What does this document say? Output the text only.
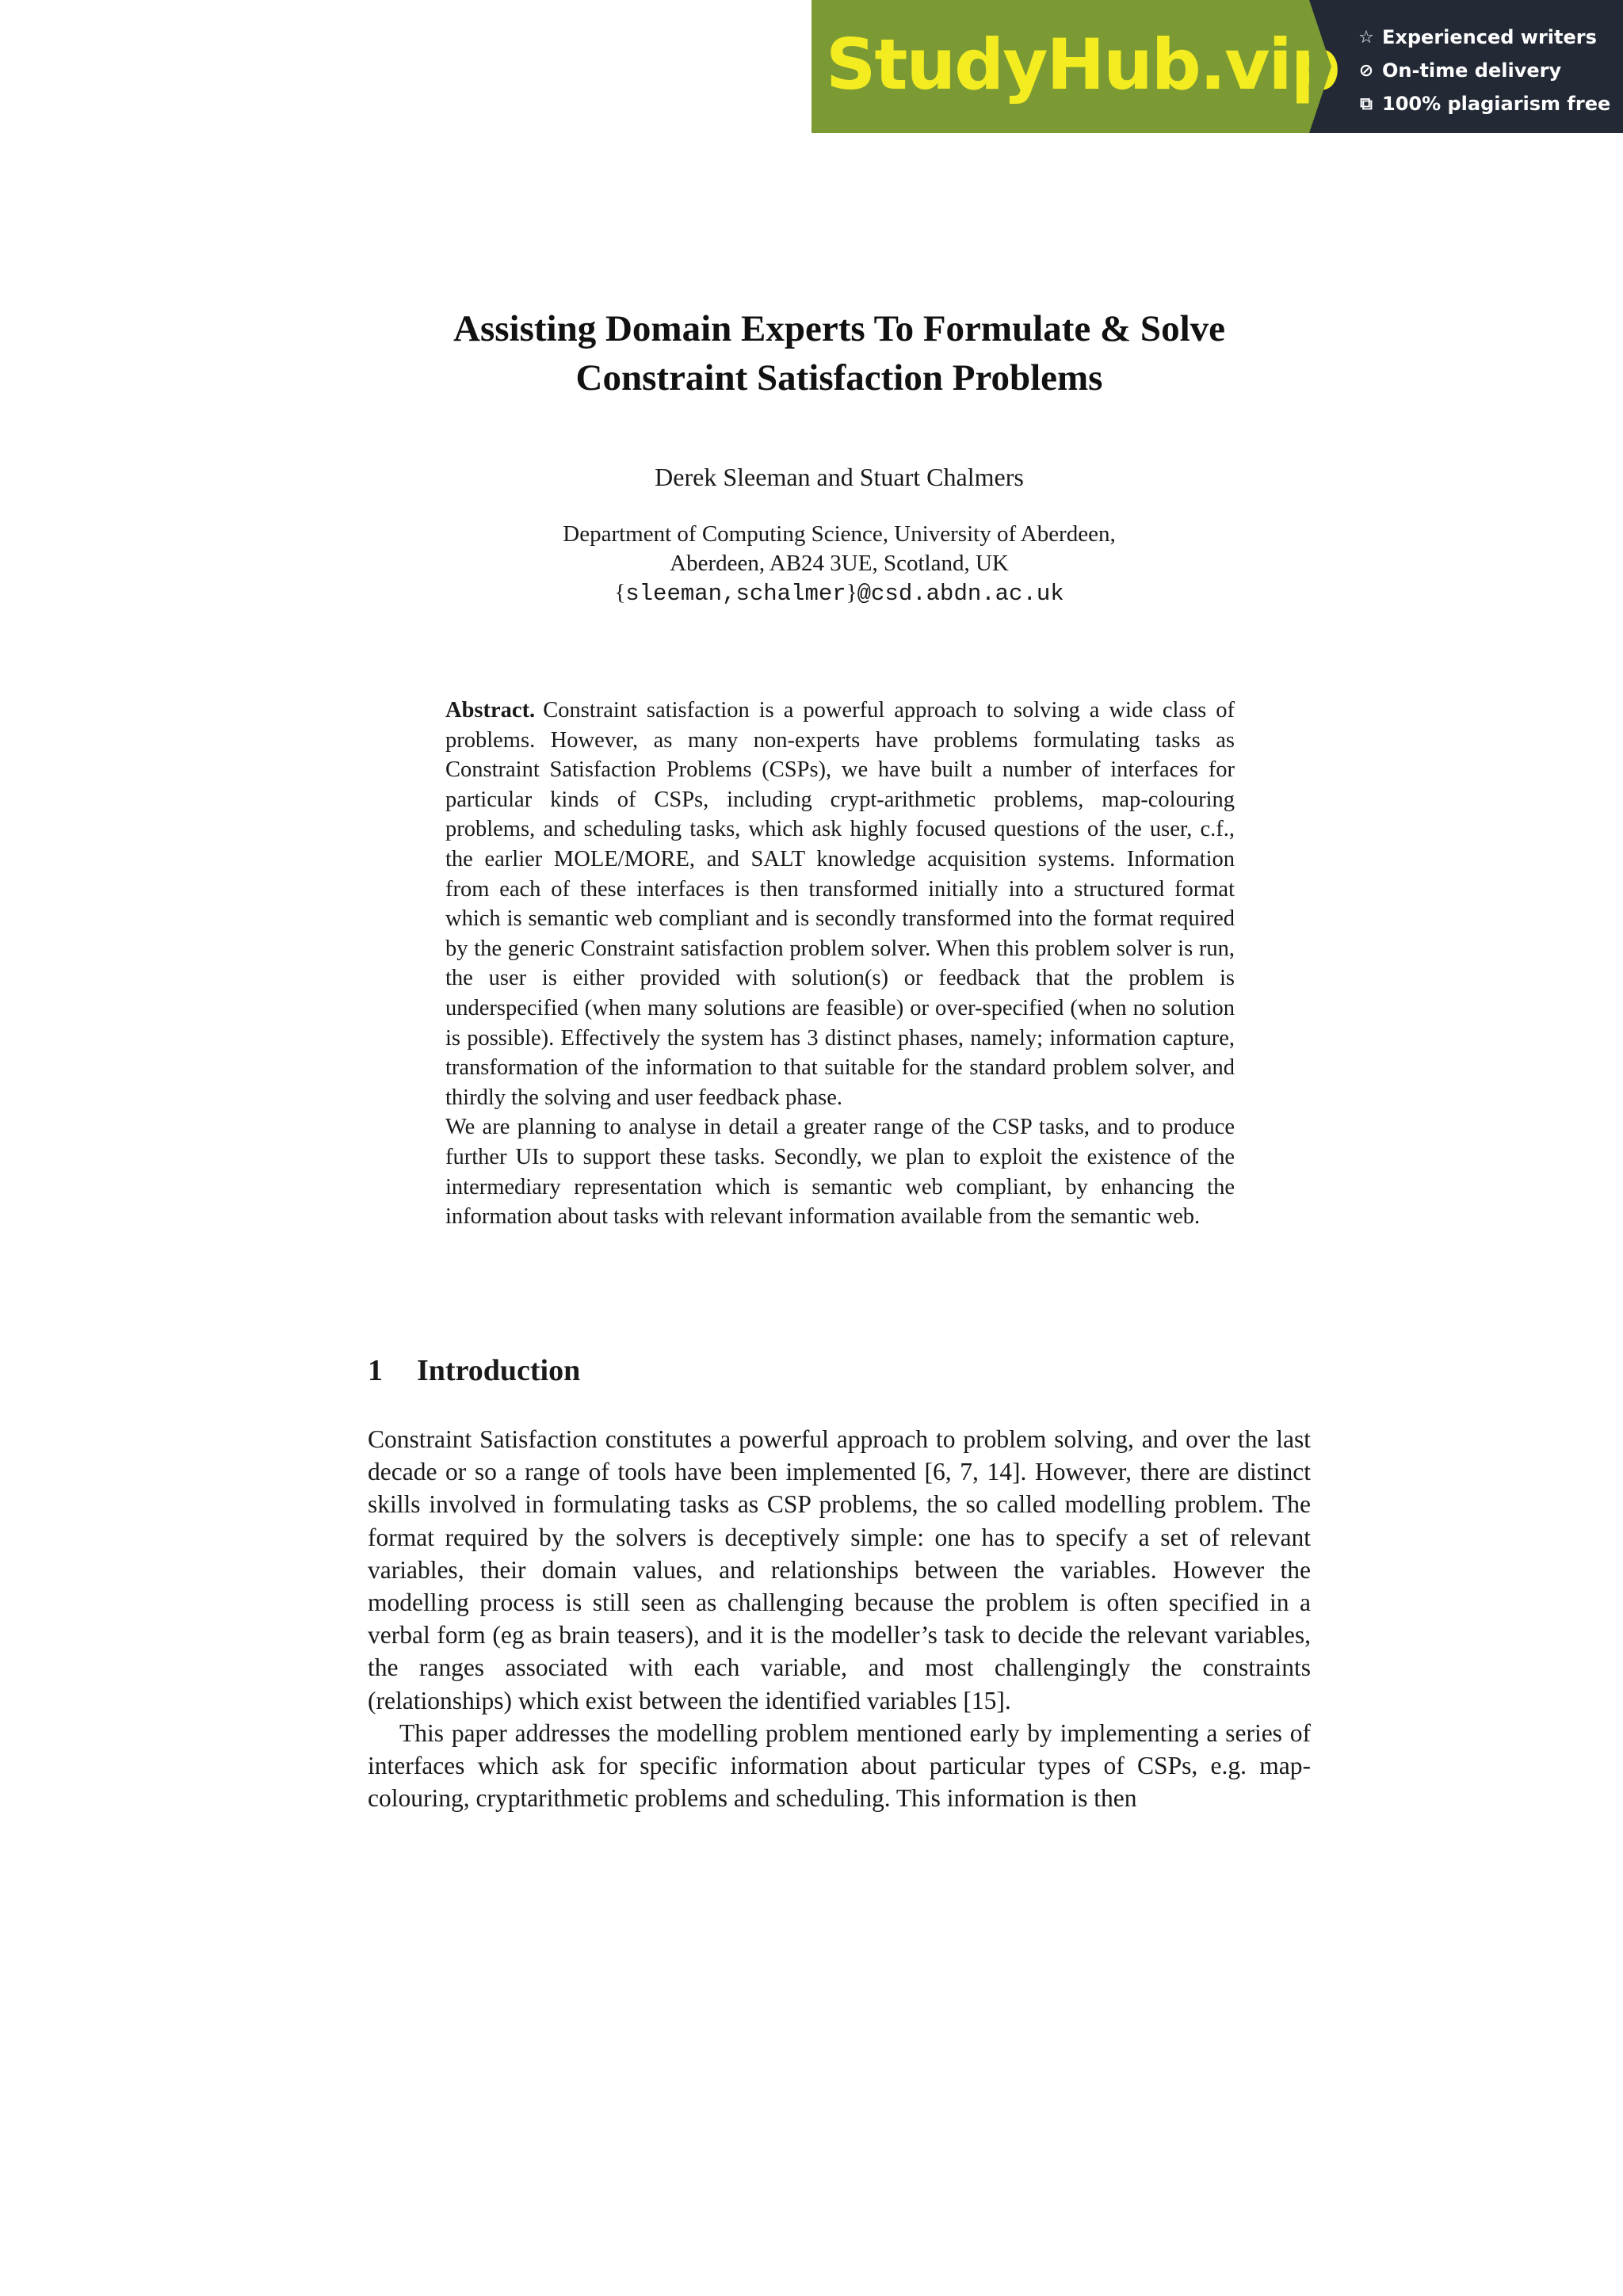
StudyHub.vip ☆ Experienced writers
⊘ On-time delivery
⧉ 100% plagiarism free
Assisting Domain Experts To Formulate & Solve
Constraint Satisfaction Problems
Derek Sleeman and Stuart Chalmers
Department of Computing Science, University of Aberdeen,
Aberdeen, AB24 3UE, Scotland, UK
{sleeman,schalmer}@csd.abdn.ac.uk

Abstract. Constraint satisfaction is a powerful approach to solving a wide class of problems. However, as many non-experts have problems formulating tasks as Constraint Satisfaction Problems (CSPs), we have built a number of interfaces for particular kinds of CSPs, including crypt-arithmetic problems, map-colouring problems, and scheduling tasks, which ask highly focused questions of the user, c.f., the earlier MOLE/MORE, and SALT knowledge acquisition systems. Information from each of these interfaces is then transformed initially into a structured format which is semantic web compliant and is secondly transformed into the format required by the generic Constraint satisfaction problem solver. When this problem solver is run, the user is either provided with solution(s) or feedback that the problem is underspecified (when many solutions are feasible) or over-specified (when no solution is possible). Effectively the system has 3 distinct phases, namely; information capture, transformation of the information to that suitable for the standard problem solver, and thirdly the solving and user feedback phase.

We are planning to analyse in detail a greater range of the CSP tasks, and to produce further UIs to support these tasks. Secondly, we plan to exploit the existence of the intermediary representation which is semantic web compliant, by enhancing the information about tasks with relevant information available from the semantic web.

1	Introduction

Constraint Satisfaction constitutes a powerful approach to problem solving, and over the last decade or so a range of tools have been implemented [6, 7, 14]. However, there are distinct skills involved in formulating tasks as CSP problems, the so called modelling problem. The format required by the solvers is deceptively simple: one has to specify a set of relevant variables, their domain values, and relationships between the variables. However the modelling process is still seen as challenging because the problem is often specified in a verbal form (eg as brain teasers), and it is the modeller’s task to decide the relevant variables, the ranges associated with each variable, and most challengingly the constraints (relationships) which exist between the identified variables [15].

This paper addresses the modelling problem mentioned early by implementing a series of interfaces which ask for specific information about particular types of CSPs, e.g. map-colouring, cryptarithmetic problems and scheduling. This information is then
